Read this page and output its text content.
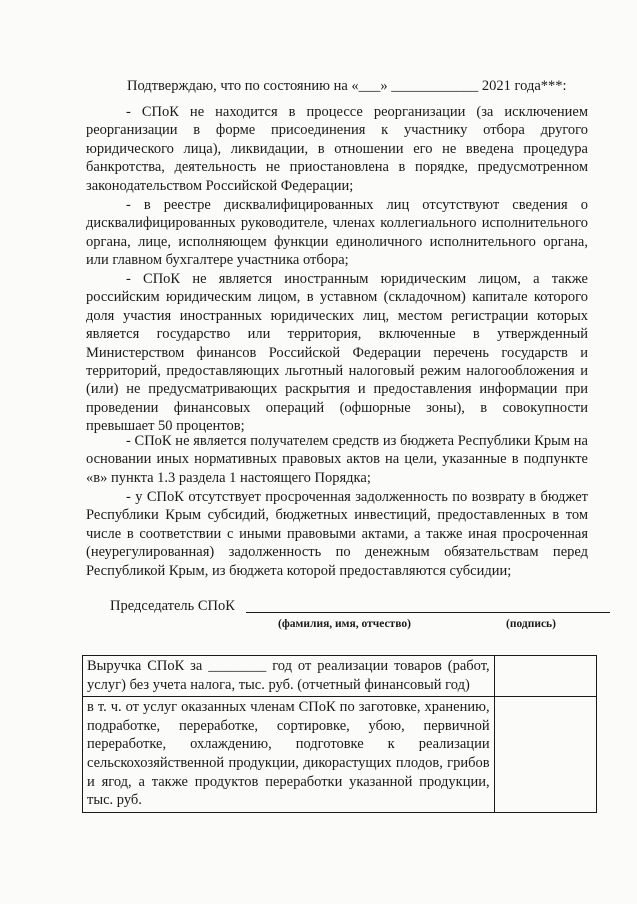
Подтверждаю, что по состоянию на «___» ____________ 2021 года***:

- СПоК не находится в процессе реорганизации (за исключением реорганизации в форме присоединения к участнику отбора другого юридического лица), ликвидации, в отношении его не введена процедура банкротства, деятельность не приостановлена в порядке, предусмотренном законодательством Российской Федерации;

- в реестре дисквалифицированных лиц отсутствуют сведения о дисквалифицированных руководителе, членах коллегиального исполнительного органа, лице, исполняющем функции единоличного исполнительного органа, или главном бухгалтере участника отбора;

- СПоК не является иностранным юридическим лицом, а также российским юридическим лицом, в уставном (складочном) капитале которого доля участия иностранных юридических лиц, местом регистрации которых является государство или территория, включенные в утвержденный Министерством финансов Российской Федерации перечень государств и территорий, предоставляющих льготный налоговый режим налогообложения и (или) не предусматривающих раскрытия и предоставления информации при проведении финансовых операций (офшорные зоны), в совокупности превышает 50 процентов;

- СПоК не является получателем средств из бюджета Республики Крым на основании иных нормативных правовых актов на цели, указанные в подпункте «в» пункта 1.3 раздела 1 настоящего Порядка;

- у СПоК отсутствует просроченная задолженность по возврату в бюджет Республики Крым субсидий, бюджетных инвестиций, предоставленных в том числе в соответствии с иными правовыми актами, а также иная просроченная (неурегулированная) задолженность по денежным обязательствам перед Республикой Крым, из бюджета которой предоставляются субсидии;

Председатель СПоК
(фамилия, имя, отчество)	(подпись)
Выручка СПоК за ________ год от реализации товаров (работ, услуг) без учета налога, тыс. руб. (отчетный финансовый год)	
в т. ч. от услуг оказанных членам СПоК по заготовке, хранению, подработке, переработке, сортировке, убою, первичной переработке, охлаждению, подготовке к реализации сельскохозяйственной продукции, дикорастущих плодов, грибов и ягод, а также продуктов переработки указанной продукции, тыс. руб.	
